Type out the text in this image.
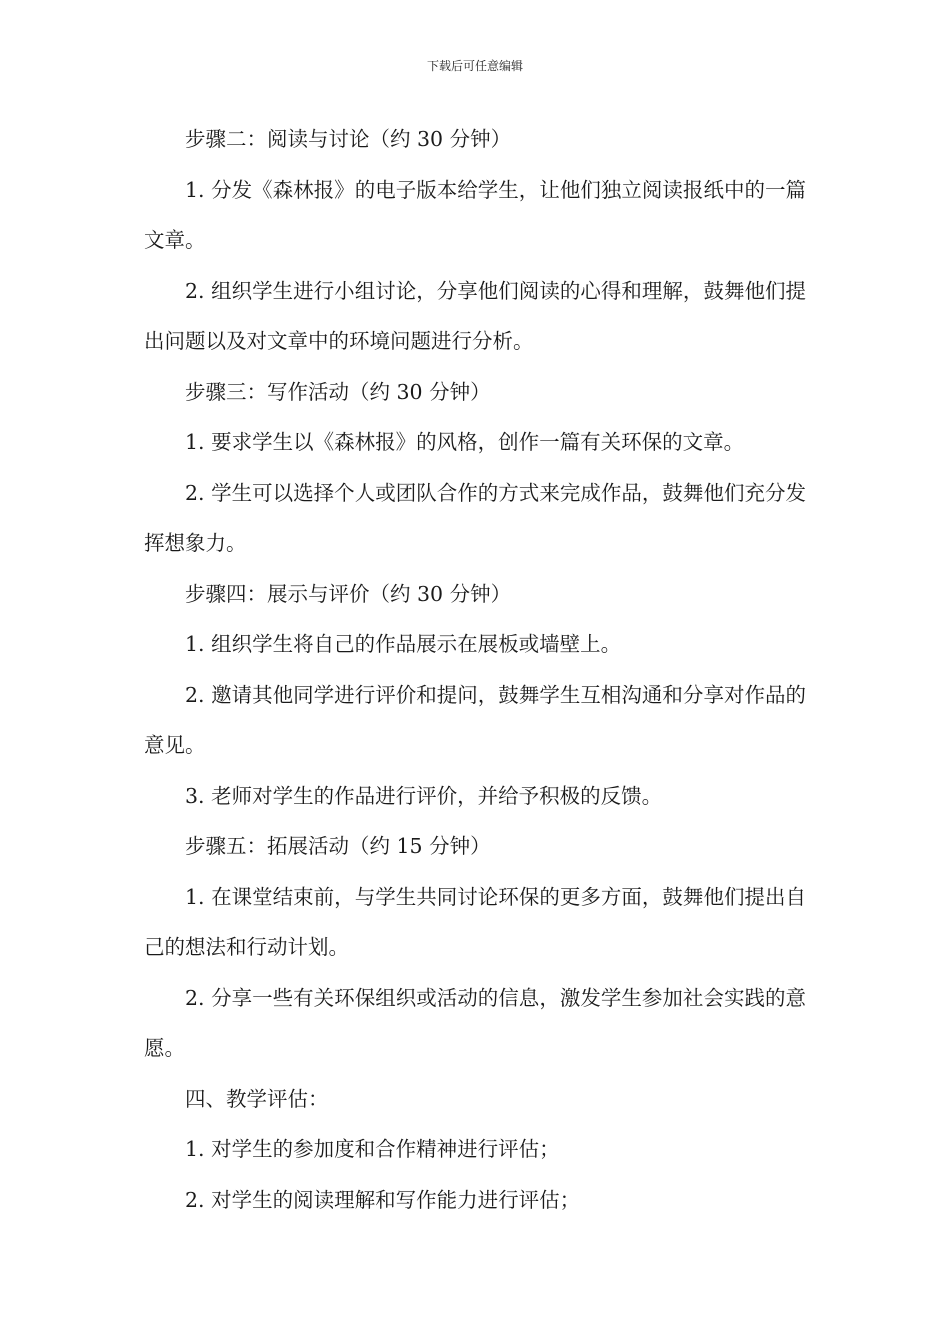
下载后可任意编辑

步骤二：阅读与讨论（约 30 分钟）

1. 分发《森林报》的电子版本给学生，让他们独立阅读报纸中的一篇文章。

2. 组织学生进行小组讨论，分享他们阅读的心得和理解，鼓舞他们提出问题以及对文章中的环境问题进行分析。

步骤三：写作活动（约 30 分钟）

1. 要求学生以《森林报》的风格，创作一篇有关环保的文章。

2. 学生可以选择个人或团队合作的方式来完成作品，鼓舞他们充分发挥想象力。

步骤四：展示与评价（约 30 分钟）

1. 组织学生将自己的作品展示在展板或墙壁上。

2. 邀请其他同学进行评价和提问，鼓舞学生互相沟通和分享对作品的意见。

3. 老师对学生的作品进行评价，并给予积极的反馈。

步骤五：拓展活动（约 15 分钟）

1. 在课堂结束前，与学生共同讨论环保的更多方面，鼓舞他们提出自己的想法和行动计划。

2. 分享一些有关环保组织或活动的信息，激发学生参加社会实践的意愿。

四、教学评估：

1. 对学生的参加度和合作精神进行评估；

2. 对学生的阅读理解和写作能力进行评估；
